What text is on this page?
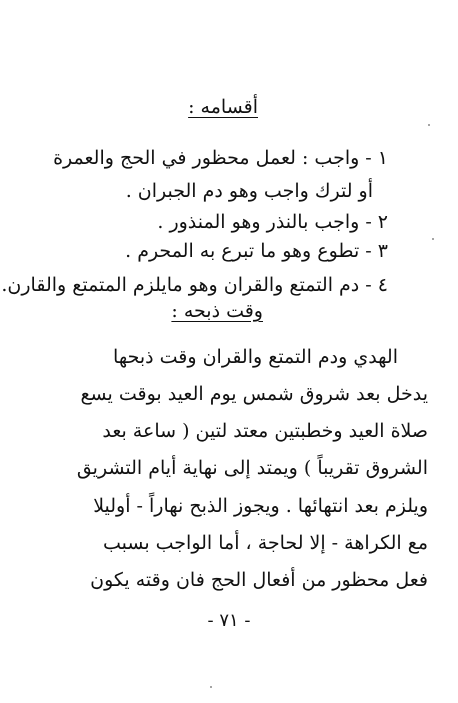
أقسامه :
١ - واجب : لعمل محظور في الحج والعمرة
أو لترك واجب وهو دم الجبران .
٢ - واجب بالنذر وهو المنذور .
٣ - تطوع وهو ما تبرع به المحرم .
٤ - دم التمتع والقران وهو مايلزم المتمتع والقارن.
وقت ذبحه :
الهدي ودم التمتع والقران وقت ذبحها
يدخل بعد شروق شمس يوم العيد بوقت يسع
صلاة العيد وخطبتين معتد لتين ( ساعة بعد
الشروق تقريباً ) ويمتد إلى نهاية أيام التشريق
ويلزم بعد انتهائها . ويجوز الذبح نهاراً - أوليلا
مع الكراهة - إلا لحاجة ، أما الواجب بسبب
فعل محظور من أفعال الحج فان وقته يكون
- ٧١ -
